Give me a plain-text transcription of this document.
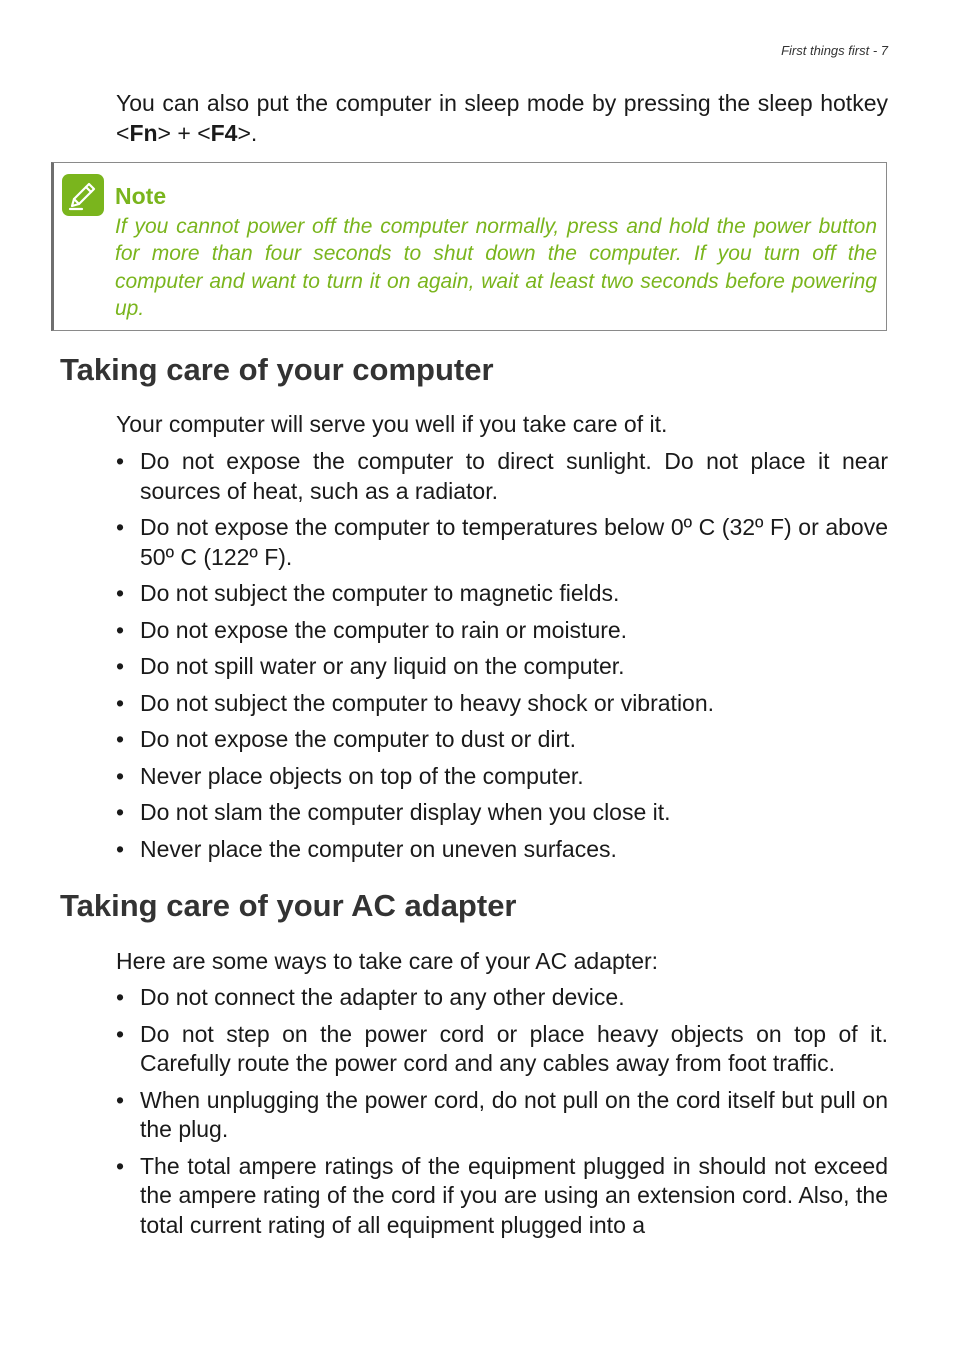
First things first - 7

You can also put the computer in sleep mode by pressing the sleep hotkey <Fn> + <F4>.

Note

If you cannot power off the computer normally, press and hold the power button for more than four seconds to shut down the computer. If you turn off the computer and want to turn it on again, wait at least two seconds before powering up.

Taking care of your computer

Your computer will serve you well if you take care of it.

• Do not expose the computer to direct sunlight. Do not place it near sources of heat, such as a radiator.
• Do not expose the computer to temperatures below 0º C (32º F) or above 50º C (122º F).
• Do not subject the computer to magnetic fields.
• Do not expose the computer to rain or moisture.
• Do not spill water or any liquid on the computer.
• Do not subject the computer to heavy shock or vibration.
• Do not expose the computer to dust or dirt.
• Never place objects on top of the computer.
• Do not slam the computer display when you close it.
• Never place the computer on uneven surfaces.
Taking care of your AC adapter

Here are some ways to take care of your AC adapter:

• Do not connect the adapter to any other device.
• Do not step on the power cord or place heavy objects on top of it. Carefully route the power cord and any cables away from foot traffic.
• When unplugging the power cord, do not pull on the cord itself but pull on the plug.
• The total ampere ratings of the equipment plugged in should not exceed the ampere rating of the cord if you are using an extension cord. Also, the total current rating of all equipment plugged into a
